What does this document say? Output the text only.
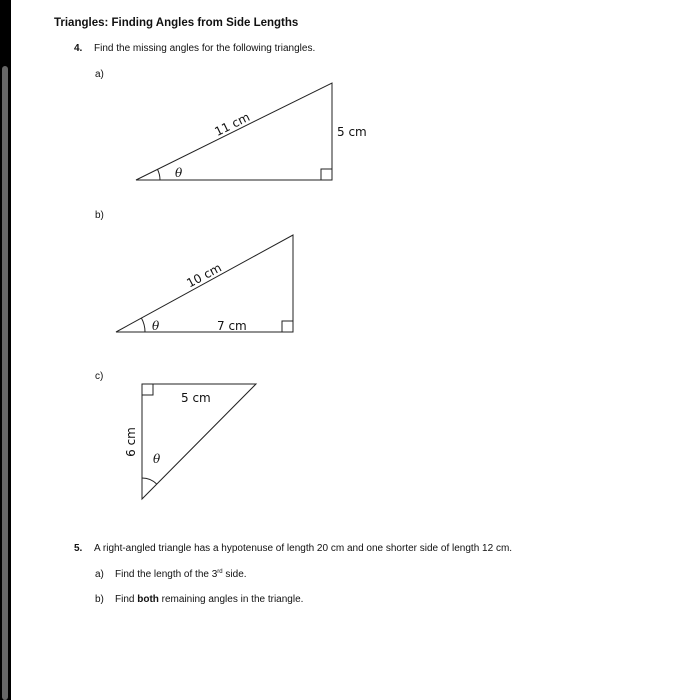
Triangles: Finding Angles from Side Lengths
4. Find the missing angles for the following triangles.
a)
b)
c)
11 cm	5 cm
θ
10 cm
7 cm
θ
5 cm
6 cm
θ
5. A right-angled triangle has a hypotenuse of length 20 cm and one shorter side of length 12 cm.
a) Find the length of the 3rd side.
b) Find both remaining angles in the triangle.
